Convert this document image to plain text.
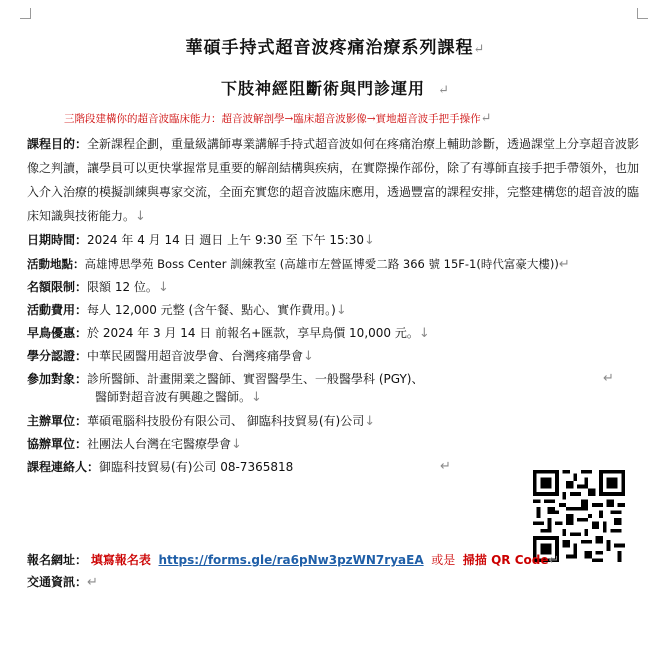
華碩手持式超音波疼痛治療系列課程↵
下肢神經阻斷術與門診運用 ↵
三階段建構你的超音波臨床能力：超音波解剖學→臨床超音波影像→實地超音波手把手操作↵
課程目的：全新課程企劃，重量級講師專業講解手持式超音波如何在疼痛治療上輔助診斷，透過課堂上分享超音波影像之判讀，讓學員可以更快掌握常見重要的解剖結構與疾病，在實際操作部份，除了有導師直接手把手帶領外，也加入介入治療的模擬訓練與專家交流，全面充實您的超音波臨床應用，透過豐富的課程安排，完整建構您的超音波的臨床知識與技術能力。↓
日期時間：2024 年 4 月 14 日 週日 上午 9:30 至 下午 15:30↓
活動地點：高雄博思學苑 Boss Center 訓練教室 (高雄市左營區博愛二路 366 號 15F-1(時代富豪大樓))↵
名額限制：限額 12 位。↓
活動費用：每人 12,000 元整 (含午餐、點心、實作費用。)↓
早鳥優惠：於 2024 年 3 月 14 日 前報名+匯款，享早鳥價 10,000 元。↓
學分認證：中華民國醫用超音波學會、台灣疼痛學會↓
參加對象：診所醫師、計畫開業之醫師、實習醫學生、一般醫學科 (PGY)、	↵
醫師對超音波有興趣之醫師。↓
主辦單位：華碩電腦科技股份有限公司、 御臨科技貿易(有)公司↓
協辦單位：社團法人台灣在宅醫療學會↓
課程連絡人：御臨科技貿易(有)公司 08-7365818	↵
報名網址： 填寫報名表 https://forms.gle/ra6pNw3pzWN7ryaEA 或是 掃描 QR Code↵
交通資訊：↵
